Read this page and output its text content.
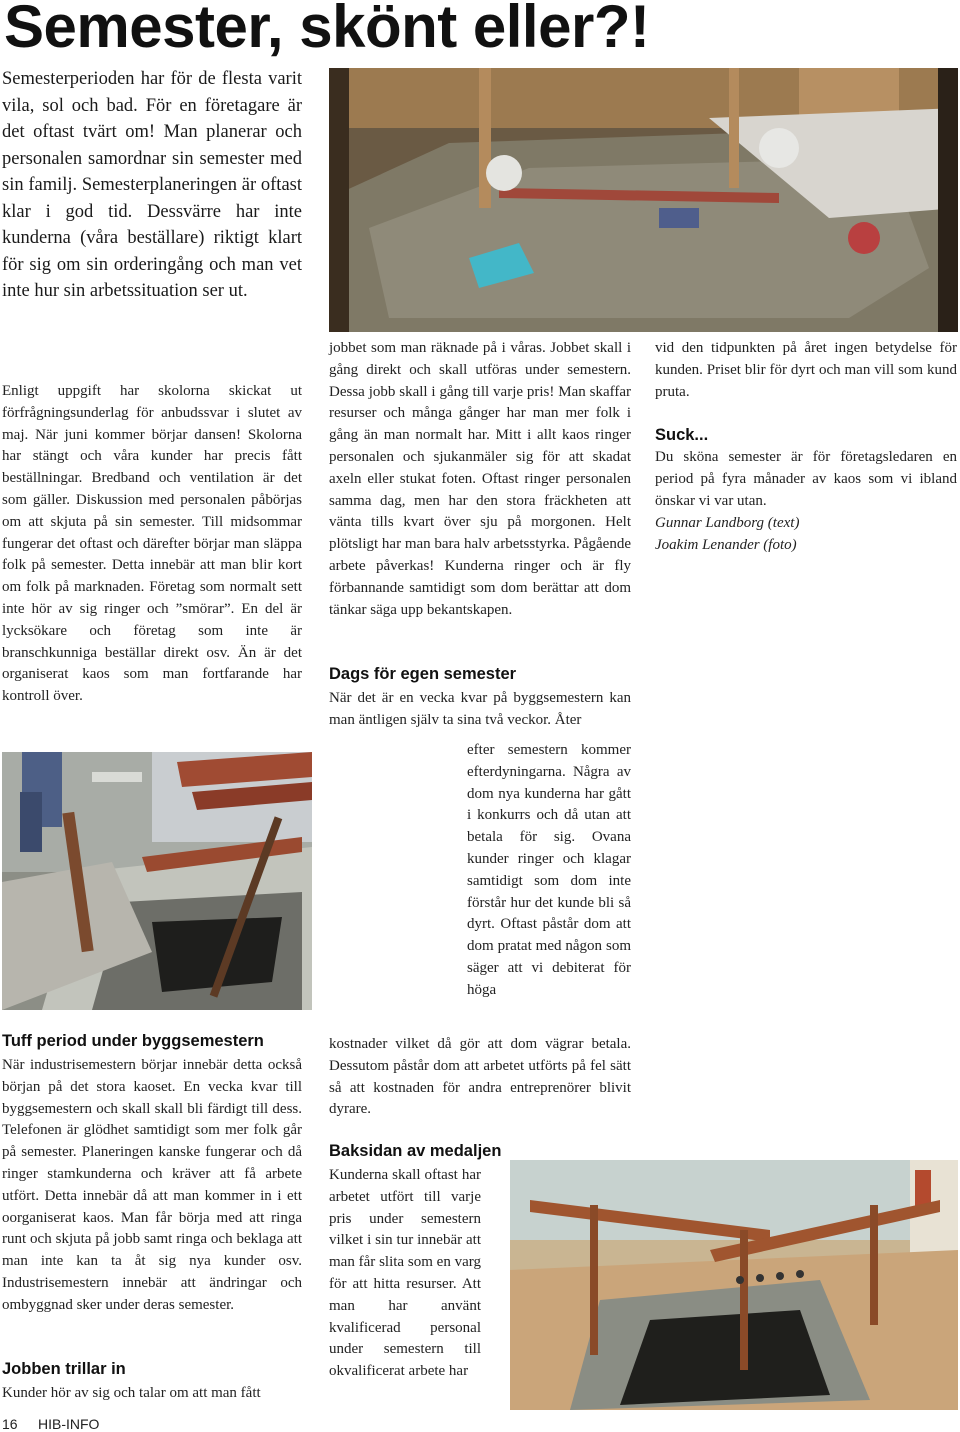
Semester, skönt eller?!

Semesterperioden har för de flesta varit vila, sol och bad. För en företagare är det oftast tvärt om! Man planerar och personalen samordnar sin semester med sin familj. Semesterplaneringen är oftast klar i god tid. Dessvärre har inte kunderna (våra beställare) riktigt klart för sig om sin orderingång och man vet inte hur sin arbetssituation ser ut.

Enligt uppgift har skolorna skickat ut förfrågningsunderlag för anbudssvar i slutet av maj. När juni kommer börjar dansen! Skolorna har stängt och våra kunder har precis fått beställningar. Bredband och ventilation är det som gäller. Diskussion med personalen påbörjas om att skjuta på sin semester. Till midsommar fungerar det oftast och därefter börjar man släppa folk på semester. Detta innebär att man blir kort om folk på marknaden. Företag som normalt sett inte hör av sig ringer och ”smörar”. En del är lycksökare och företag som inte är branschkunniga beställar direkt osv. Än är det organiserat kaos som man fortfarande har kontroll över.

Tuff period under byggsemestern

När industrisemestern börjar innebär detta också början på det stora kaoset. En vecka kvar till byggsemestern och skall skall bli färdigt till dess. Telefonen är glödhet samtidigt som mer folk går på semester. Planeringen kanske fungerar och då ringer stamkunderna och kräver att få arbete utfört. Detta innebär då att man kommer in i ett oorganiserat kaos. Man får börja med att ringa runt och skjuta på jobb samt ringa och beklaga att man inte kan ta åt sig nya kunder osv. Industrisemestern innebär att ändringar och ombyggnad sker under deras semester.

Jobben trillar in

Kunder hör av sig och talar om att man fått

16 HIB-INFO

jobbet som man räknade på i våras. Jobbet skall i gång direkt och skall utföras under semestern. Dessa jobb skall i gång till varje pris! Man skaffar resurser och många gånger har man mer folk i gång än man normalt har. Mitt i allt kaos ringer personalen och sjukanmäler sig för att skadat axeln eller stukat foten. Oftast ringer personalen samma dag, men har den stora fräckheten att vänta tills kvart över sju på morgonen. Helt plötsligt har man bara halv arbetsstyrka. Pågående arbete påverkas! Kunderna ringer och är fly förbannande samtidigt som dom berättar att dom tänkar säga upp bekantskapen.

Dags för egen semester

När det är en vecka kvar på byggsemestern kan man äntligen själv ta sina två veckor. Åter

efter semestern kommer efterdyningarna. Några av dom nya kunderna har gått i konkurrs och då utan att betala för sig. Ovana kunder ringer och klagar samtidigt som dom inte förstår hur det kunde bli så dyrt. Oftast påstår dom att dom pratat med någon som säger att vi debiterat för höga

kostnader vilket då gör att dom vägrar betala. Dessutom påstår dom att arbetet utförts på fel sätt så att kostnaden för andra entreprenörer blivit dyrare.

Baksidan av medaljen

Kunderna skall oftast har arbetet utfört till varje pris under semestern vilket i sin tur innebär att man får slita som en varg för att hitta resurser. Att man har använt kvalificerad personal under semestern till okvalificerat arbete har

vid den tidpunkten på året ingen betydelse för kunden. Priset blir för dyrt och man vill som kund pruta.

Suck...

Du sköna semester är för företagsledaren en period på fyra månader av kaos som vi ibland önskar vi var utan.

Gunnar Landborg (text)

Joakim Lenander (foto)
